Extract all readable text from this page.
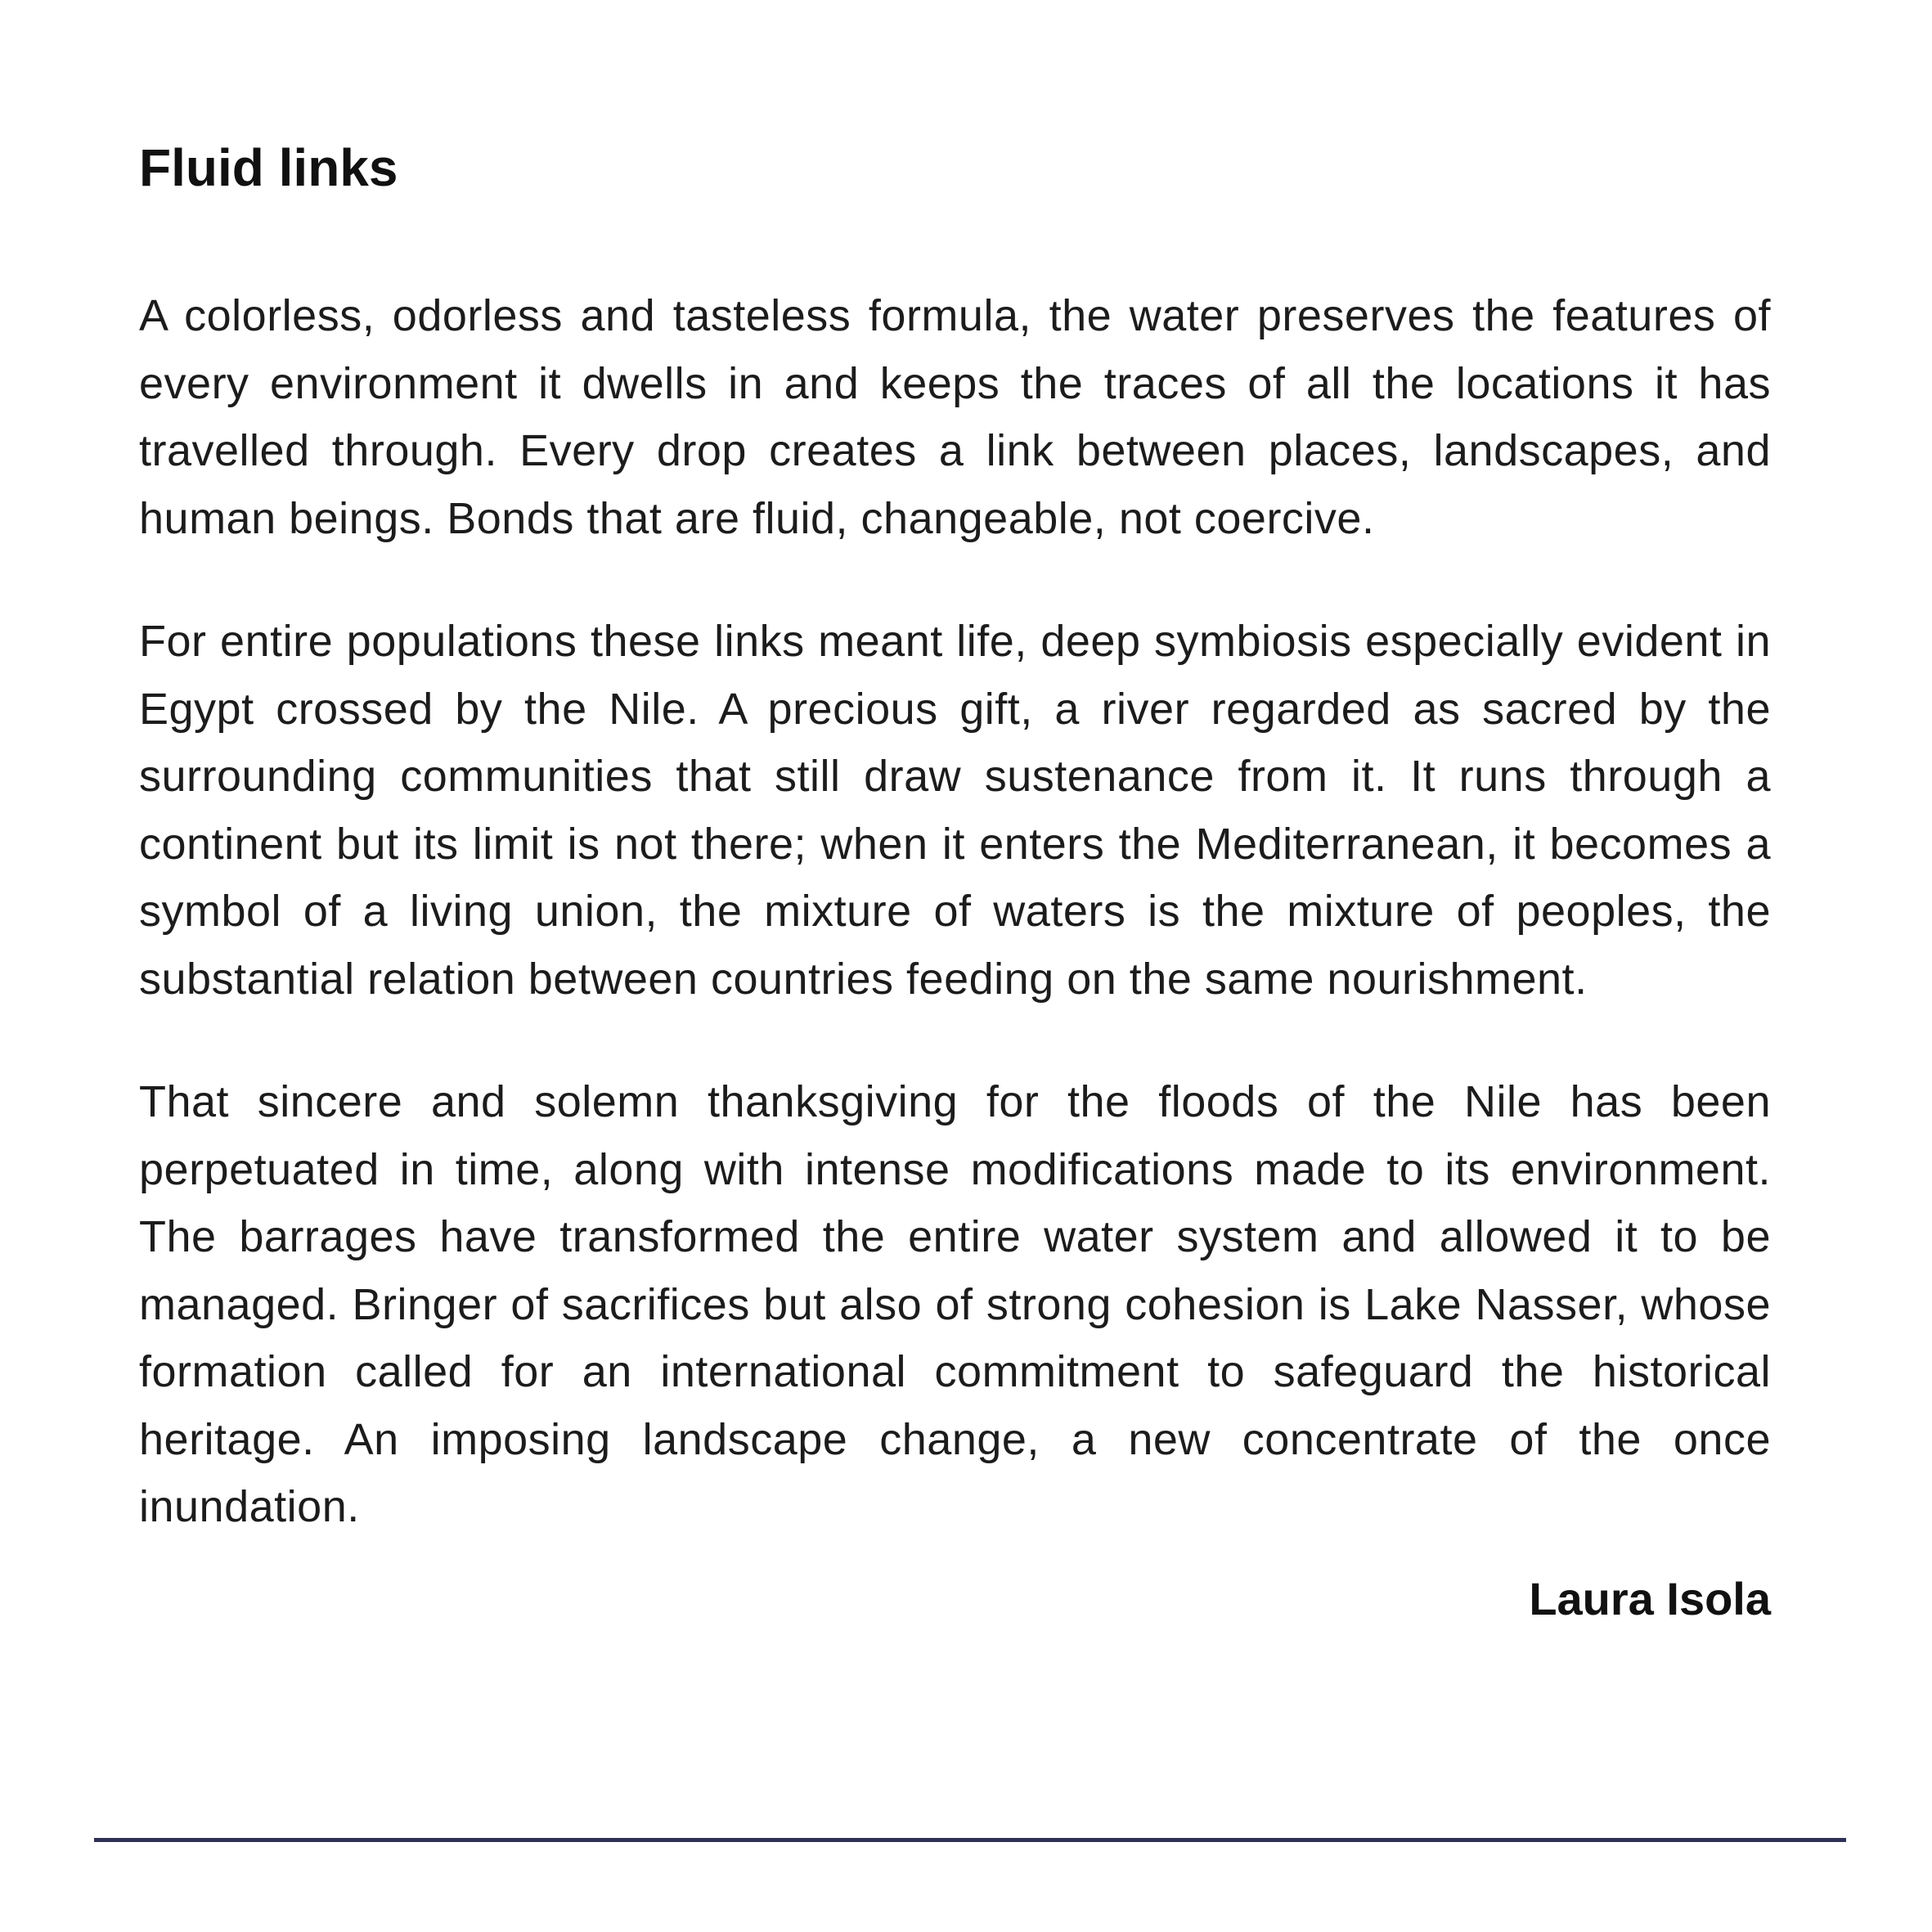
Fluid links

A colorless, odorless and tasteless formula, the water preserves the features of every environment it dwells in and keeps the traces of all the locations it has travelled through. Every drop creates a link between places, landscapes, and human beings. Bonds that are fluid, changeable, not coercive.

For entire populations these links meant life, deep symbiosis especially evident in Egypt crossed by the Nile. A precious gift, a river regarded as sacred by the surrounding communities that still draw sustenance from it. It runs through a continent but its limit is not there; when it enters the Mediterranean, it becomes a symbol of a living union, the mixture of waters is the mixture of peoples, the substantial relation between countries feeding on the same nourishment.

That sincere and solemn thanksgiving for the floods of the Nile has been perpetuated in time, along with intense modifications made to its environment. The barrages have transformed the entire water system and allowed it to be managed. Bringer of sacrifices but also of strong cohesion is Lake Nasser, whose formation called for an international commitment to safeguard the historical heritage. An imposing landscape change, a new concentrate of the once inundation.

Laura Isola
